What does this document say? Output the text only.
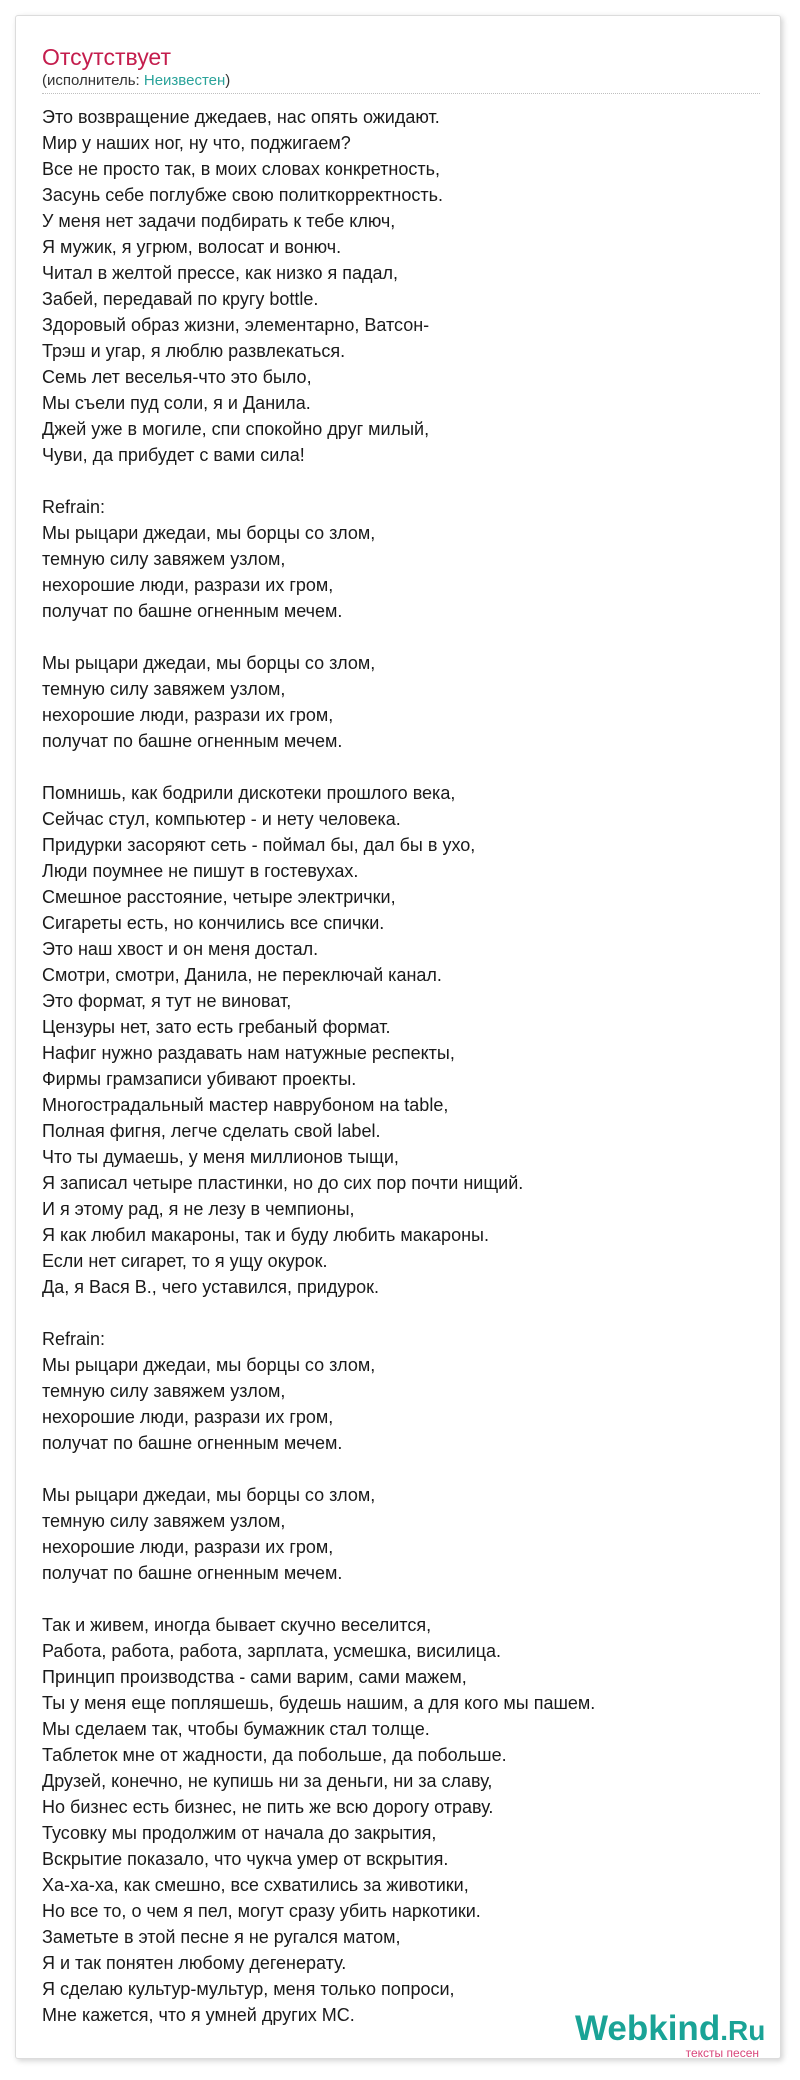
Отсутствует
(исполнитель: Неизвестен)
Это возвращение джедаев, нас опять ожидают.
Мир у наших ног, ну что, поджигаем?
Все не просто так, в моих словах конкретность,
Засунь себе поглубже свою политкорректность.
У меня нет задачи подбирать к тебе ключ,
Я мужик, я угрюм, волосат и вонюч.
Читал в желтой прессе, как низко я падал,
Забей, передавай по кругу bottle.
Здоровый образ жизни, элементарно, Ватсон-
Трэш и угар, я люблю развлекаться.
Семь лет веселья-что это было,
Мы съели пуд соли, я и Данила.
Джей уже в могиле, спи спокойно друг милый,
Чуви, да прибудет с вами сила!
Refrain:
Мы рыцари джедаи, мы борцы со злом,
темную силу завяжем узлом,
нехорошие люди, разрази их гром,
получат по башне огненным мечем.
Мы рыцари джедаи, мы борцы со злом,
темную силу завяжем узлом,
нехорошие люди, разрази их гром,
получат по башне огненным мечем.
Помнишь, как бодрили дискотеки прошлого века,
Сейчас стул, компьютер - и нету человека.
Придурки засоряют сеть - поймал бы, дал бы в ухо,
Люди поумнее не пишут в гостевухах.
Смешное расстояние, четыре электрички,
Сигареты есть, но кончились все спички.
Это наш хвост и он меня достал.
Смотри, смотри, Данила, не переключай канал.
Это формат, я тут не виноват,
Цензуры нет, зато есть гребаный формат.
Нафиг нужно раздавать нам натужные респекты,
Фирмы грамзаписи убивают проекты.
Многострадальный мастер наврубоном на table,
Полная фигня, легче сделать свой label.
Что ты думаешь, у меня миллионов тыщи,
Я записал четыре пластинки, но до сих пор почти нищий.
И я этому рад, я не лезу в чемпионы,
Я как любил макароны, так и буду любить макароны.
Если нет сигарет, то я ущу окурок.
Да, я Вася В., чего уставился, придурок.
Refrain:
Мы рыцари джедаи, мы борцы со злом,
темную силу завяжем узлом,
нехорошие люди, разрази их гром,
получат по башне огненным мечем.
Мы рыцари джедаи, мы борцы со злом,
темную силу завяжем узлом,
нехорошие люди, разрази их гром,
получат по башне огненным мечем.
Так и живем, иногда бывает скучно веселится,
Работа, работа, работа, зарплата, усмешка, висилица.
Принцип производства - сами варим, сами мажем,
Ты у меня еще попляшешь, будешь нашим, а для кого мы пашем.
Мы сделаем так, чтобы бумажник стал толще.
Таблеток мне от жадности, да побольше, да побольше.
Друзей, конечно, не купишь ни за деньги, ни за славу,
Но бизнес есть бизнес, не пить же всю дорогу отраву.
Тусовку мы продолжим от начала до закрытия,
Вскрытие показало, что чукча умер от вскрытия.
Ха-ха-ха, как смешно, все схватились за животики,
Но все то, о чем я пел, могут сразу убить наркотики.
Заметьте в этой песне я не ругался матом,
Я и так понятен любому дегенерату.
Я сделаю культур-мультур, меня только попроси,
Мне кажется, что я умней других МС.	Webkind.Ru
тексты песен
